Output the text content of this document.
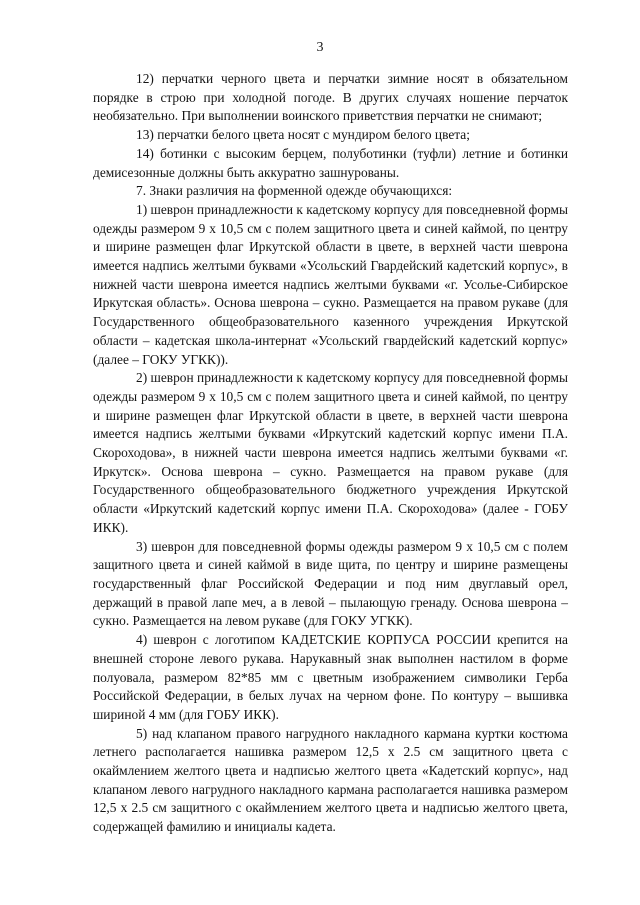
3

12) перчатки черного цвета и перчатки зимние носят в обязательном порядке в строю при холодной погоде. В других случаях ношение перчаток необязательно. При выполнении воинского приветствия перчатки не снимают;

13) перчатки белого цвета носят с мундиром белого цвета;

14) ботинки с высоким берцем, полуботинки (туфли) летние и ботинки демисезонные должны быть аккуратно зашнурованы.

7. Знаки различия на форменной одежде обучающихся:

1) шеврон принадлежности к кадетскому корпусу для повседневной формы одежды размером 9 x 10,5 см с полем защитного цвета и синей каймой, по центру и ширине размещен флаг Иркутской области в цвете, в верхней части шеврона имеется надпись желтыми буквами «Усольский Гвардейский кадетский корпус», в нижней части шеврона имеется надпись желтыми буквами «г. Усолье-Сибирское Иркутская область». Основа шеврона – сукно. Размещается на правом рукаве (для Государственного общеобразовательного казенного учреждения Иркутской области – кадетская школа-интернат «Усольский гвардейский кадетский корпус» (далее – ГОКУ УГКК)).

2) шеврон принадлежности к кадетскому корпусу для повседневной формы одежды размером 9 x 10,5 см с полем защитного цвета и синей каймой, по центру и ширине размещен флаг Иркутской области в цвете, в верхней части шеврона имеется надпись желтыми буквами «Иркутский кадетский корпус имени П.А. Скороходова», в нижней части шеврона имеется надпись желтыми буквами «г. Иркутск». Основа шеврона – сукно. Размещается на правом рукаве (для Государственного общеобразовательного бюджетного учреждения Иркутской области «Иркутский кадетский корпус имени П.А. Скороходова» (далее - ГОБУ ИКК).

3) шеврон для повседневной формы одежды размером 9 x 10,5 см с полем защитного цвета и синей каймой в виде щита, по центру и ширине размещены государственный флаг Российской Федерации и под ним двуглавый орел, держащий в правой лапе меч, а в левой – пылающую гренаду. Основа шеврона – сукно. Размещается на левом рукаве (для ГОКУ УГКК).

4) шеврон с логотипом КАДЕТСКИЕ КОРПУСА РОССИИ крепится на внешней стороне левого рукава. Нарукавный знак выполнен настилом в форме полуовала, размером 82*85 мм с цветным изображением символики Герба Российской Федерации, в белых лучах на черном фоне. По контуру – вышивка шириной 4 мм (для ГОБУ ИКК).

5) над клапаном правого нагрудного накладного кармана куртки костюма летнего располагается нашивка размером 12,5 x 2.5 см защитного цвета с окаймлением желтого цвета и надписью желтого цвета «Кадетский корпус», над клапаном левого нагрудного накладного кармана располагается нашивка размером 12,5 x 2.5 см защитного с окаймлением желтого цвета и надписью желтого цвета, содержащей фамилию и инициалы кадета.
